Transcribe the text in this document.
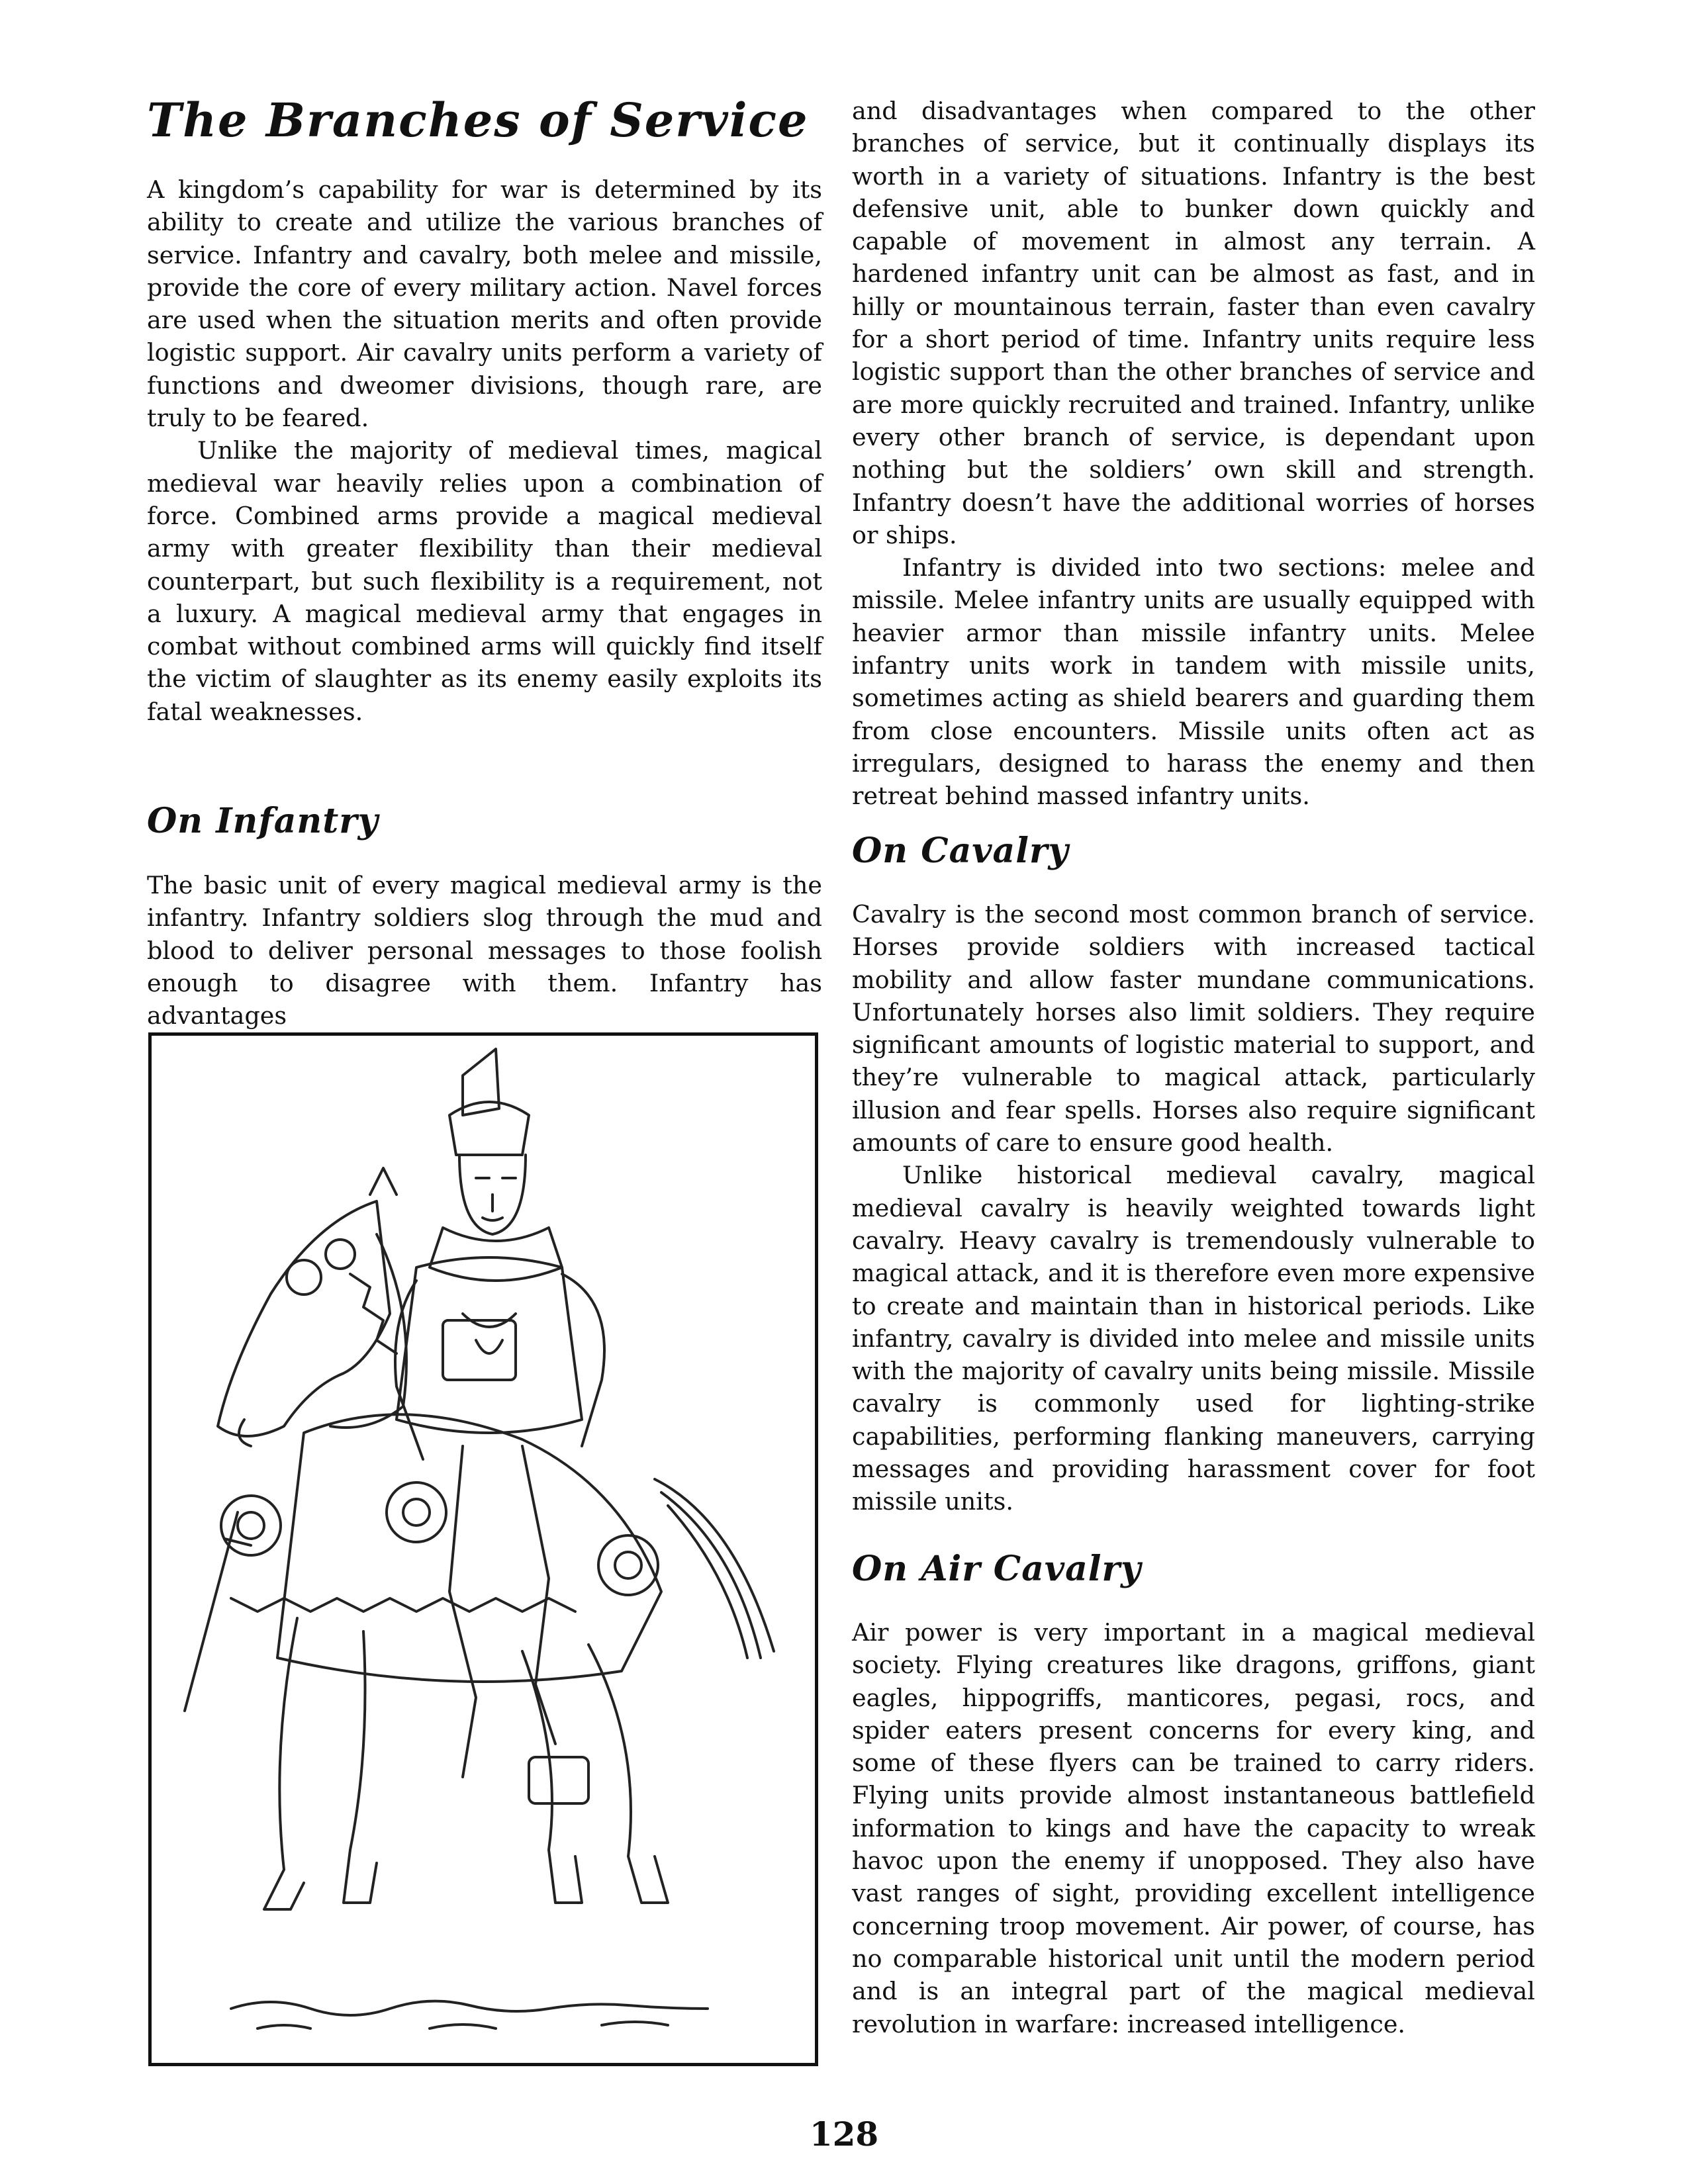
The Branches of Service

A kingdom’s capability for war is determined by its ability to create and utilize the various branches of service. Infantry and cavalry, both melee and missile, provide the core of every military action. Navel forces are used when the situation merits and often provide logistic support. Air cavalry units perform a variety of functions and dweomer divisions, though rare, are truly to be feared.

Unlike the majority of medieval times, magical medieval war heavily relies upon a combination of force. Combined arms provide a magical medieval army with greater flexibility than their medieval counterpart, but such flexibility is a requirement, not a luxury. A magical medieval army that engages in combat without combined arms will quickly find itself the victim of slaughter as its enemy easily exploits its fatal weaknesses.

On Infantry

The basic unit of every magical medieval army is the infantry. Infantry soldiers slog through the mud and blood to deliver personal messages to those foolish enough to disagree with them. Infantry has advantages

and disadvantages when compared to the other branches of service, but it continually displays its worth in a variety of situations. Infantry is the best defensive unit, able to bunker down quickly and capable of movement in almost any terrain. A hardened infantry unit can be almost as fast, and in hilly or mountainous terrain, faster than even cavalry for a short period of time. Infantry units require less logistic support than the other branches of service and are more quickly recruited and trained. Infantry, unlike every other branch of service, is dependant upon nothing but the soldiers’ own skill and strength. Infantry doesn’t have the additional worries of horses or ships.

Infantry is divided into two sections: melee and missile. Melee infantry units are usually equipped with heavier armor than missile infantry units. Melee infantry units work in tandem with missile units, sometimes acting as shield bearers and guarding them from close encounters. Missile units often act as irregulars, designed to harass the enemy and then retreat behind massed infantry units.

On Cavalry

Cavalry is the second most common branch of service. Horses provide soldiers with increased tactical mobility and allow faster mundane communications. Unfortunately horses also limit soldiers. They require significant amounts of logistic material to support, and they’re vulnerable to magical attack, particularly illusion and fear spells. Horses also require significant amounts of care to ensure good health.

Unlike historical medieval cavalry, magical medieval cavalry is heavily weighted towards light cavalry. Heavy cavalry is tremendously vulnerable to magical attack, and it is therefore even more expensive to create and maintain than in historical periods. Like infantry, cavalry is divided into melee and missile units with the majority of cavalry units being missile. Missile cavalry is commonly used for lighting-strike capabilities, performing flanking maneuvers, carrying messages and providing harassment cover for foot missile units.

On Air Cavalry

Air power is very important in a magical medieval society. Flying creatures like dragons, griffons, giant eagles, hippogriffs, manticores, pegasi, rocs, and spider eaters present concerns for every king, and some of these flyers can be trained to carry riders. Flying units provide almost instantaneous battlefield information to kings and have the capacity to wreak havoc upon the enemy if unopposed. They also have vast ranges of sight, providing excellent intelligence concerning troop movement. Air power, of course, has no comparable historical unit until the modern period and is an integral part of the magical medieval revolution in warfare: increased intelligence.

128
